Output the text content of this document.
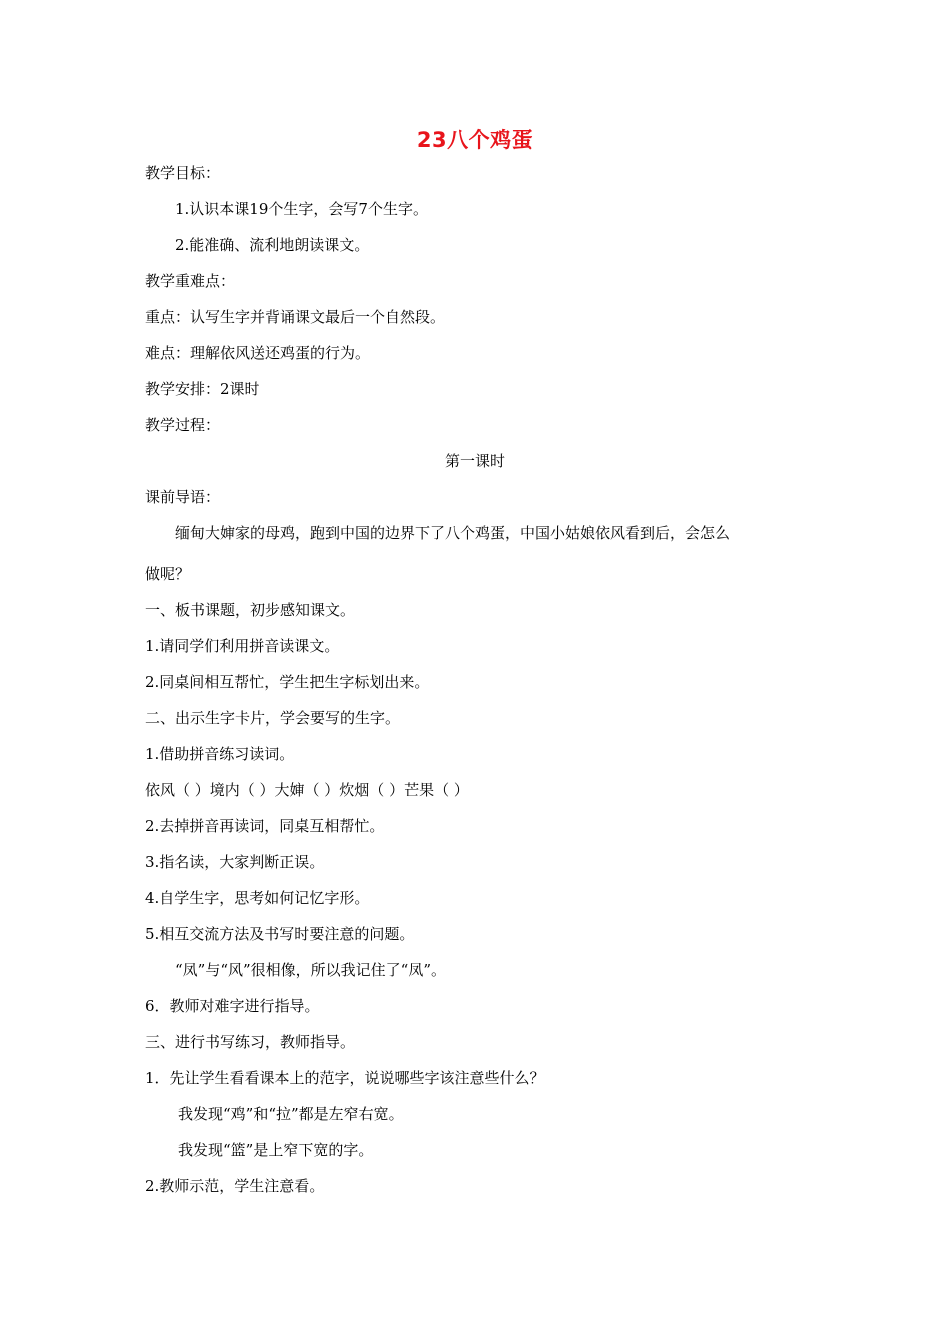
23八个鸡蛋
教学目标：
1.认识本课19个生字，会写7个生字。
2.能准确、流利地朗读课文。
教学重难点：
重点：认写生字并背诵课文最后一个自然段。
难点：理解依风送还鸡蛋的行为。
教学安排：2课时
教学过程：
第一课时
课前导语：
缅甸大婶家的母鸡，跑到中国的边界下了八个鸡蛋，中国小姑娘依风看到后，会怎么
做呢？
一、板书课题，初步感知课文。
1.请同学们利用拼音读课文。
2.同桌间相互帮忙，学生把生字标划出来。
二、出示生字卡片，学会要写的生字。
1.借助拼音练习读词。
依风（ ）境内（ ）大婶（ ）炊烟（ ）芒果（ ）
2.去掉拼音再读词，同桌互相帮忙。
3.指名读，大家判断正误。
4.自学生字，思考如何记忆字形。
5.相互交流方法及书写时要注意的问题。
“凤”与“风”很相像，所以我记住了“凤”。
6．教师对难字进行指导。
三、进行书写练习，教师指导。
1．先让学生看看课本上的范字，说说哪些字该注意些什么？
我发现“鸡”和“拉”都是左窄右宽。
我发现“篮”是上窄下宽的字。
2.教师示范，学生注意看。
